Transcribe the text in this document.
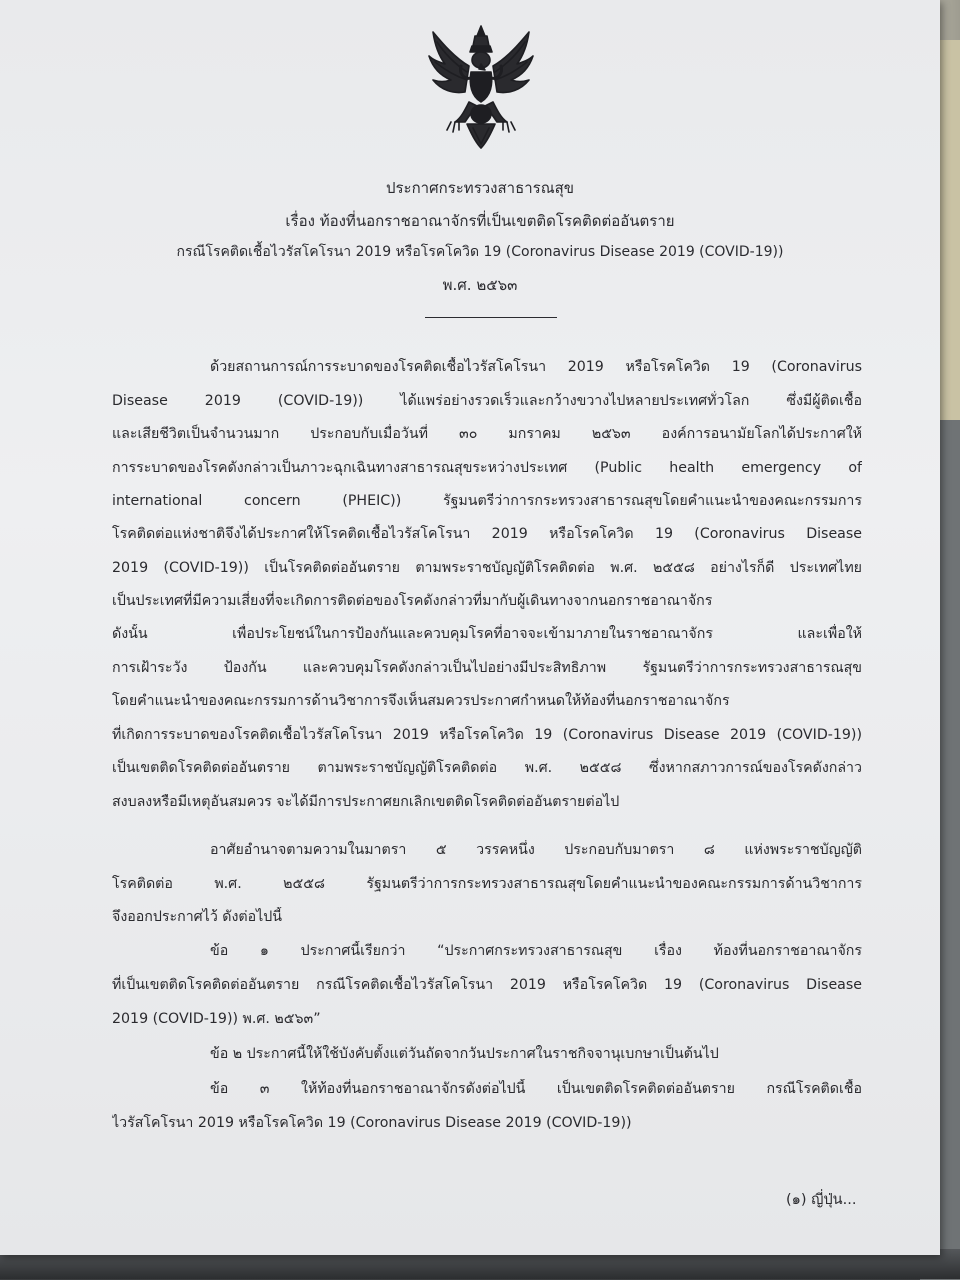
ประกาศกระทรวงสาธารณสุข
เรื่อง ท้องที่นอกราชอาณาจักรที่เป็นเขตติดโรคติดต่ออันตราย
กรณีโรคติดเชื้อไวรัสโคโรนา 2019 หรือโรคโควิด 19 (Coronavirus Disease 2019 (COVID-19))
พ.ศ. ๒๕๖๓
ด้วยสถานการณ์การระบาดของโรคติดเชื้อไวรัสโคโรนา 2019 หรือโรคโควิด 19 (Coronavirus
Disease 2019 (COVID-19)) ได้แพร่อย่างรวดเร็วและกว้างขวางไปหลายประเทศทั่วโลก ซึ่งมีผู้ติดเชื้อ
และเสียชีวิตเป็นจำนวนมาก ประกอบกับเมื่อวันที่ ๓๐ มกราคม ๒๕๖๓ องค์การอนามัยโลกได้ประกาศให้
การระบาดของโรคดังกล่าวเป็นภาวะฉุกเฉินทางสาธารณสุขระหว่างประเทศ (Public health emergency of
international concern (PHEIC)) รัฐมนตรีว่าการกระทรวงสาธารณสุขโดยคำแนะนำของคณะกรรมการ
โรคติดต่อแห่งชาติจึงได้ประกาศให้โรคติดเชื้อไวรัสโคโรนา 2019 หรือโรคโควิด 19 (Coronavirus Disease
2019 (COVID-19)) เป็นโรคติดต่ออันตราย ตามพระราชบัญญัติโรคติดต่อ พ.ศ. ๒๕๕๘ อย่างไรก็ดี ประเทศไทย
เป็นประเทศที่มีความเสี่ยงที่จะเกิดการติดต่อของโรคดังกล่าวที่มากับผู้เดินทางจากนอกราชอาณาจักร
ดังนั้น เพื่อประโยชน์ในการป้องกันและควบคุมโรคที่อาจจะเข้ามาภายในราชอาณาจักร และเพื่อให้
การเฝ้าระวัง ป้องกัน และควบคุมโรคดังกล่าวเป็นไปอย่างมีประสิทธิภาพ รัฐมนตรีว่าการกระทรวงสาธารณสุข
โดยคำแนะนำของคณะกรรมการด้านวิชาการจึงเห็นสมควรประกาศกำหนดให้ท้องที่นอกราชอาณาจักร
ที่เกิดการระบาดของโรคติดเชื้อไวรัสโคโรนา 2019 หรือโรคโควิด 19 (Coronavirus Disease 2019 (COVID-19))
เป็นเขตติดโรคติดต่ออันตราย ตามพระราชบัญญัติโรคติดต่อ พ.ศ. ๒๕๕๘ ซึ่งหากสภาวการณ์ของโรคดังกล่าว
สงบลงหรือมีเหตุอันสมควร จะได้มีการประกาศยกเลิกเขตติดโรคติดต่ออันตรายต่อไป
อาศัยอำนาจตามความในมาตรา ๕ วรรคหนึ่ง ประกอบกับมาตรา ๘ แห่งพระราชบัญญัติ
โรคติดต่อ พ.ศ. ๒๕๕๘ รัฐมนตรีว่าการกระทรวงสาธารณสุขโดยคำแนะนำของคณะกรรมการด้านวิชาการ
จึงออกประกาศไว้ ดังต่อไปนี้
ข้อ ๑ ประกาศนี้เรียกว่า “ประกาศกระทรวงสาธารณสุข เรื่อง ท้องที่นอกราชอาณาจักร
ที่เป็นเขตติดโรคติดต่ออันตราย กรณีโรคติดเชื้อไวรัสโคโรนา 2019 หรือโรคโควิด 19 (Coronavirus Disease
2019 (COVID-19)) พ.ศ. ๒๕๖๓”
ข้อ ๒ ประกาศนี้ให้ใช้บังคับตั้งแต่วันถัดจากวันประกาศในราชกิจจานุเบกษาเป็นต้นไป
ข้อ ๓ ให้ท้องที่นอกราชอาณาจักรดังต่อไปนี้ เป็นเขตติดโรคติดต่ออันตราย กรณีโรคติดเชื้อ
ไวรัสโคโรนา 2019 หรือโรคโควิด 19 (Coronavirus Disease 2019 (COVID-19))
(๑) ญี่ปุ่น...
